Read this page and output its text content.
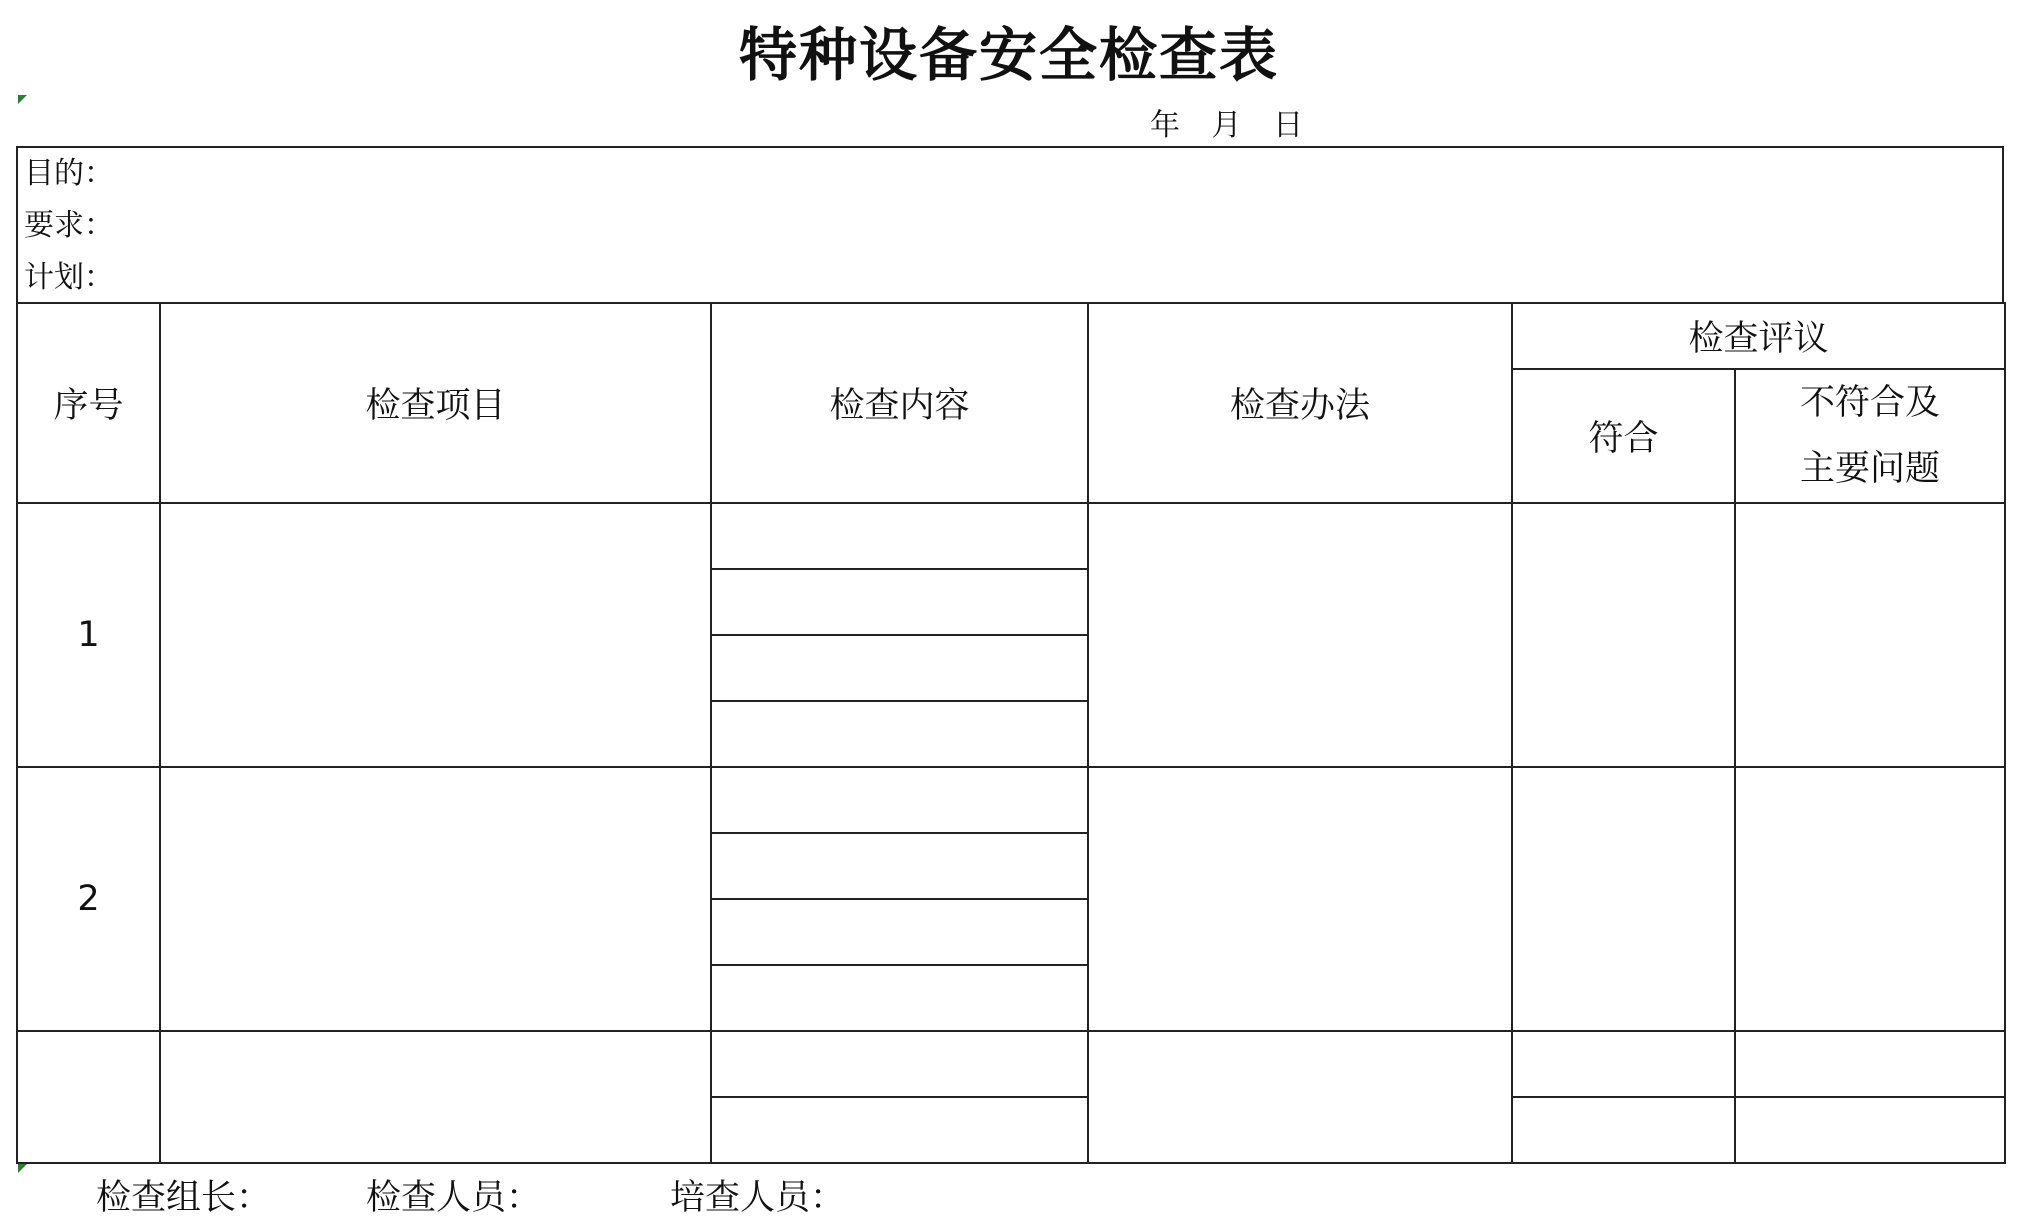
特种设备安全检查表
年 月 日
目的：
要求：
计划：
序号	检查项目	检查内容	检查办法	检查评议	
				符合	不符合及
主要问题

1					

2					

检查组长：	检查人员：	培查人员：
